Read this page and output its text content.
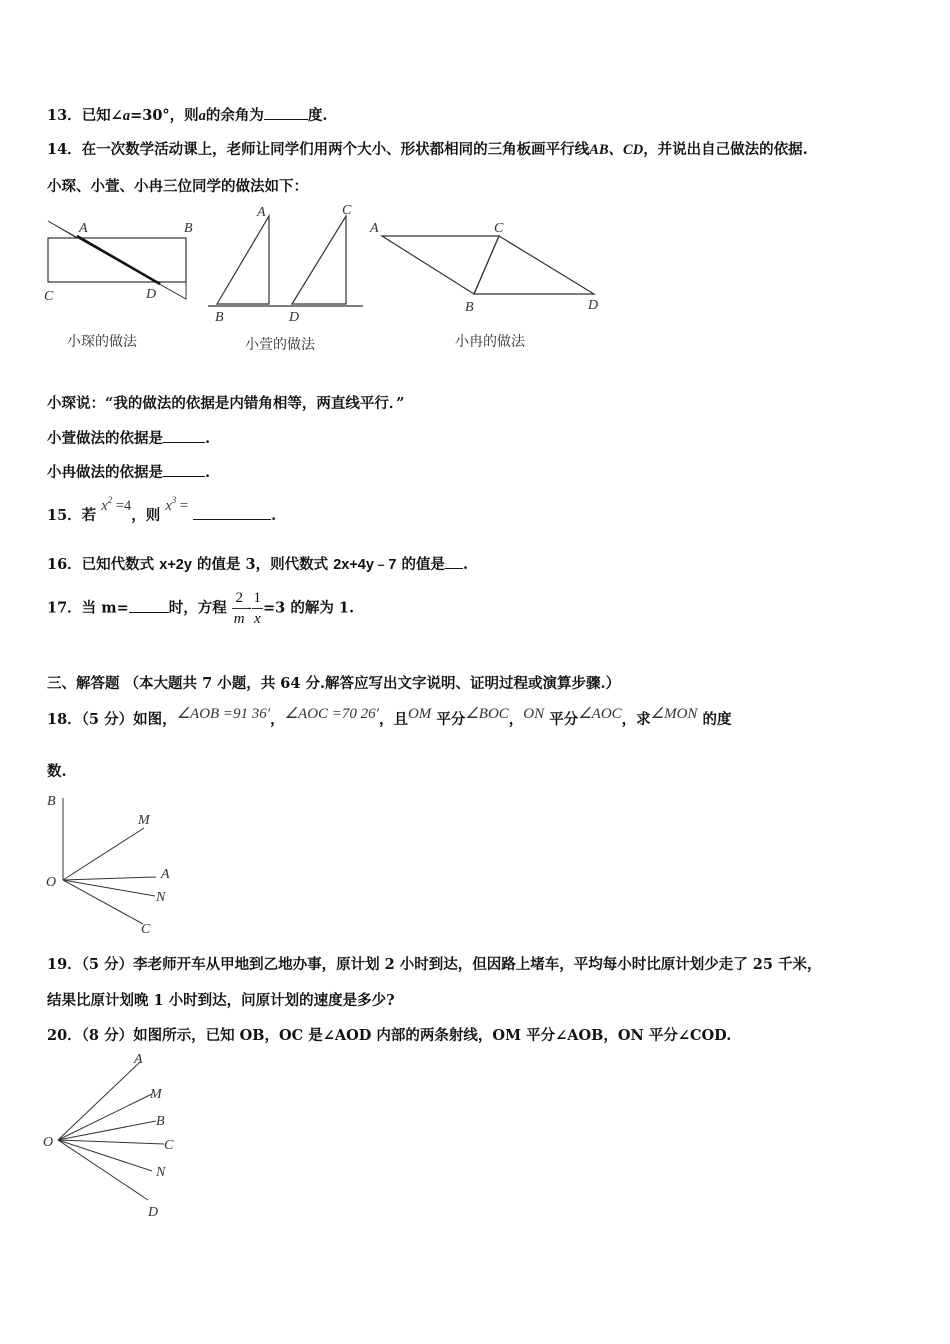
13．已知∠a=30°，则a的余角为	度.
14．在一次数学活动课上，老师让同学们用两个大小、形状都相同的三角板画平行线AB、CD，并说出自己做法的依据.
小琛、小萱、小冉三位同学的做法如下：
A	B
C	D
小琛的做法
A
B
C
D
小萱的做法
A	C
B	D
小冉的做法
小琛说：“我的做法的依据是内错角相等，两直线平行．”
小萱做法的依据是	.
小冉做法的依据是	.
15．若 $x^2 =4$，则 $x^3$ = .
16．已知代数式 x+2y 的值是 3，则代数式 2x+4y﹣7 的值是 .
17．当 m=	时，方程 $\frac{2}{m} - \frac{1}{x} =3$ 的解为 1.
三、解答题 （本大题共 7 小题，共 64 分.解答应写出文字说明、证明过程或演算步骤.）
18．（5 分）如图，∠AOB =91 36′，∠AOC =70 26′，且OM 平分∠BOC，ON 平分∠AOC，求∠MON 的度
数.
B
M
A
N
C
O
19．（5 分）李老师开车从甲地到乙地办事，原计划 2 小时到达，但因路上堵车，平均每小时比原计划少走了 25 千米，
结果比原计划晚 1 小时到达，问原计划的速度是多少?
20．（8 分）如图所示，已知 OB，OC 是∠AOD 内部的两条射线，OM 平分∠AOB，ON 平分∠COD.
A
M
B
C
N
D
O
